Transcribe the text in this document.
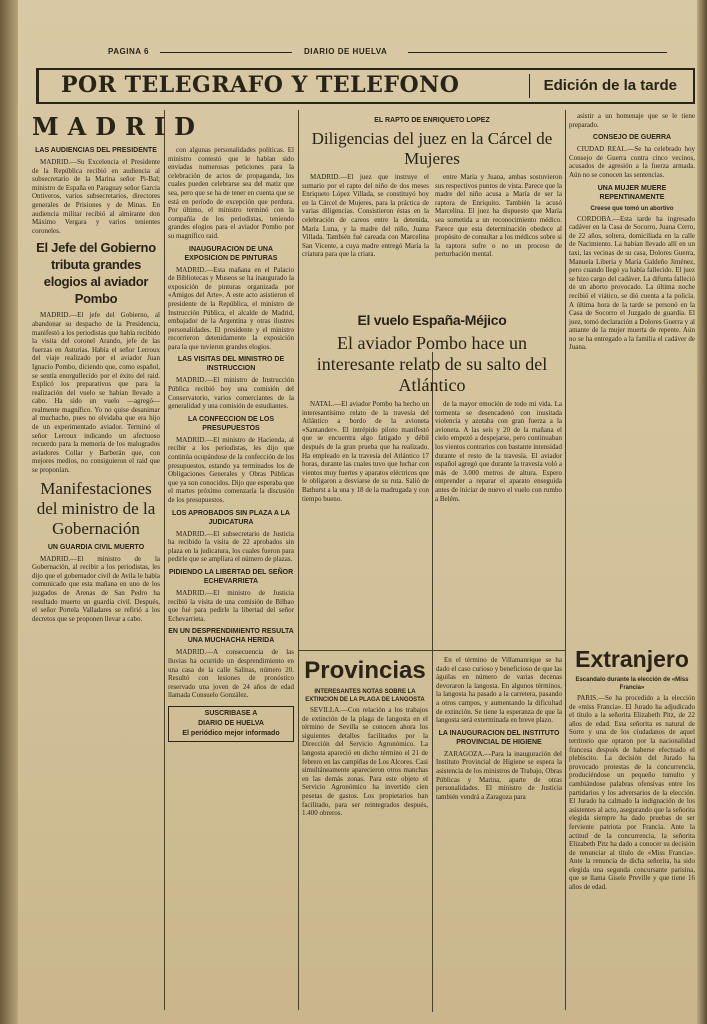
PAGINA 6	DIARIO DE HUELVA
POR TELEGRAFO Y TELEFONO	Edición de la tarde
MADRID
LAS AUDIENCIAS DEL PRESIDENTE

MADRID.—Su Excelencia el Presidente de la República recibió en audiencia al subsecretario de la Marina señor Pi-Bal; ministro de España en Paraguay señor Garcia Ontiveros, varios subsecretarios, directores generales de Prisiones y de Minas. En audiencia militar recibió al almirante don Máximo Vergara y varios tenientes coroneles.

El Jefe del Gobierno tributa grandes elogios al aviador Pombo

MADRID.—El jefe del Gobierno, al abandonar su despacho de la Presidencia, manifestó a los periodistas que había recibido la visita del coronel Arando, jefe de las fuerzas en Asturias. Había el señor Lerroux del viaje realizado por el aviador Juan Ignacio Pombo, diciendo que, como español, se sentía enorgullecido por el éxito del raid. Explicó los preparativos que para la realización del vuelo se habían llevado a cabo. Ha sido un vuelo —agregó— realmente magnífico. Yo no quise desanimar al muchacho, pues no olvidaba que era hijo de un experimentado aviador. Terminó el señor Lerroux indicando un afectuoso recuerdo para la memoria de los malogrados aviadores Collar y Barberán que, con mejores medios, no consiguieron el raid que se proponían.

Manifestaciones del ministro de la Gobernación
UN GUARDIA CIVIL MUERTO

MADRID.—El ministro de la Gobernación, al recibir a los periodistas, les dijo que el gobernador civil de Avila le había comunicado que esta mañana en uno de los juzgados de Arenas de San Pedro ha resultado muerto un guardia civil. Después, el señor Portela Valladares se refirió a los decretos que se proponen llevar a cabo.

con algunas personalidades políticas. El ministro contestó que le habían sido enviadas numerosas peticiones para la celebración de actos de propaganda, los cuales pueden celebrarse sea del matiz que sea, pero que se ha de tener en cuenta que se está en período de excepción que perdura. Por último, el ministro terminó con la compañía de los periodistas, teniendo grandes elogios para el aviador Pombo por su magnífico raid.

INAUGURACION DE UNA EXPOSICION DE PINTURAS

MADRID.—Esta mañana en el Palacio de Bibliotecas y Museos se ha inaugurado la exposición de pinturas organizada por «Amigos del Arte». A este acto asistieron el presidente de la República, el ministro de Instrucción Pública, el alcalde de Madrid, embajador de la Argentina y otras ilustres personalidades. El presidente y el ministro recorrieron detenidamente la exposición para la que tuvieron grandes elogios.

LAS VISITAS DEL MINISTRO DE INSTRUCCION

MADRID.—El ministro de Instrucción Pública recibió hoy una comisión del Conservatorio, varios comerciantes de la generalidad y una comisión de estudiantes.

LA CONFECCION DE LOS PRESUPUESTOS

MADRID.—El ministro de Hacienda, al recibir a los periodistas, les dijo que continúa ocupándose de la confección de los presupuestos, estando ya terminados los de Obligaciones Generales y Obras Públicas que ya son conocidos. Dijo que esperaba que el martes próximo comenzaría la discusión de los presupuestos.

LOS APROBADOS SIN PLAZA A LA JUDICATURA

MADRID.—El subsecretario de Justicia ha recibido la visita de 22 aprobados sin plaza en la judicatura, los cuales fueron para pedirle que se amplíara el número de plazas.

PIDIENDO LA LIBERTAD DEL SEÑOR ECHEVARRIETA

MADRID.—El ministro de Justicia recibió la visita de una comisión de Bilbao que fué para pedirle la libertad del señor Echevarrieta.

EN UN DESPRENDIMIENTO RESULTA UNA MUCHACHA HERIDA

MADRID.—A consecuencia de las lluvias ha ocurrido un desprendimiento en una casa de la calle Salinas, número 20. Resultó con lesiones de pronóstico reservado una joven de 24 años de edad llamada Consuelo González.

SUSCRIBASE A
DIARIO DE HUELVA
El periódico mejor informado
EL RAPTO DE ENRIQUETO LOPEZ
Diligencias del juez en la Cárcel de Mujeres

MADRID.—El juez que instruye el sumario por el rapto del niño de dos meses Enriqueto López Villada, se constituyó hoy en la Cárcel de Mujeres, para la práctica de varias diligencias. Consistieron éstas en la celebración de careos entre la detenida, María Luna, y la madre del niño, Juana Villada. También fué careada con Marcelina San Vicente, a cuya madre entregó María la criatura para que la criara.

entre María y Juana, ambas sostuvieron sus respectivos puntos de vista. Parece que la madre del niño acusa a María de ser la raptora de Enriquito. También la acusó Marcelina. El juez ha dispuesto que María sea sometida a un reconocimiento médico. Parece que esta determinación obedece al propósito de consultar a los médicos sobre si la raptora sufre o no un proceso de perturbación mental.

El vuelo España-Méjico
El aviador Pombo hace un interesante relato de su salto del Atlántico

NATAL.—El aviador Pombo ha hecho un interesantísimo relato de la travesía del Atlántico a bordo de la avioneta «Santander». El intrépido piloto manifestó que se encuentra algo fatigado y débil después de la gran prueba que ha realizado. Ha empleado en la travesía del Atlántico 17 horas, durante las cuales tuvo que luchar con vientos muy fuertes y aparatos eléctricos que le obligaron a desviarse de su ruta. Salió de Bathurst a la una y 18 de la madrugada y con tiempo bueno.

de la mayor emoción de todo mi vida. La tormenta se desencadenó con inusitada violencia y azotaba con gran fuerza a la avioneta. A las seis y 20 de la mañana el cielo empezó a despejarse, pero continuaban los vientos contrarios con bastante intensidad durante el resto de la travesía. El aviador español agregó que durante la travesía voló a más de 3.000 metros de altura. Espero emprender a reparar el aparato enseguida antes de iniciar de nuevo el vuelo con rumbo a Belém.

Provincias
INTERESANTES NOTAS SOBRE LA EXTINCION DE LA PLAGA DE LANGOSTA

SEVILLA.—Con relación a los trabajos de extinción de la plaga de langosta en el término de Sevilla se conocen ahora los siguientes detalles facilitados por la Dirección del Servicio Agronómico. La langosta apareció en dicho término el 21 de febrero en las campiñas de Los Alcores. Casi simultáneamente aparecieron otros manchas en las demás zonas. Para este objeto el Servicio Agronómico ha invertido cien pesetas de gastos. Los propietarios han facilitado, para ser reintegrados después, 1.400 obreros.

En el término de Villamanrique se ha dado el caso curioso y beneficioso de que las águilas en número de varias decenas devoraron la langosta. En algunos términos, la langosta ha pasado a la carretera, pasando a otros campos, y aumentando la dificultad de extinción. Se tiene la esperanza de que la langosta será exterminada en breve plazo.

LA INAUGURACION DEL INSTITUTO PROVINCIAL DE HIGIENE

ZARAGOZA.—Para la inauguración del Instituto Provincial de Higiene se espera la asistencia de los ministros de Trabajo, Obras Públicas y Marina, aparte de otras personalidades. El ministro de Justicia también vendrá a Zaragoza para

asistir a un homenaje que se le tiene preparado.

CONSEJO DE GUERRA

CIUDAD REAL.—Se ha celebrado hoy Consejo de Guerra contra cinco vecinos, acusados de agresión a la fuerza armada. Aún no se conocen las sentencias.

UNA MUJER MUERE REPENTINAMENTE
Creese que tomó un abortivo

CORDOBA.—Esta tarde ha ingresado cadáver en la Casa de Socorro, Juana Cerro, de 22 años, soltera, domiciliada en la calle de Nacimiento. La habían llevado allí en un taxi, las vecinas de su casa, Dolores Guerra, Manuela Liberia y María Galdeño Jiménez, pero cuando llegó ya había fallecido. El juez se hizo cargo del cadáver. La difunta falleció de un aborto provocado. La última noche recibió el viático, se dió cuenta a la policía. A última hora de la tarde se personó en la Casa de Socorro el Juzgado de guardia. El juez, tomó declaración a Dolores Guerra y al amante de la mujer muerta de repente. Aún no se ha entregado a la familia el cadáver de Juana.

Extranjero
Escandalo durante la elección de «Miss Francia»

PARIS.—Se ha procedido a la elección de «miss Francia». El Jurado ha adjudicado el título a la señorita Elizabeth Pitz, de 22 años de edad. Esta señorita es natural de Sorre y una de los ciudadanos de aquel territorio que optaron por la nacionalidad francesa después de haberse efectuado el plebiscito. La decisión del Jurado ha provocado protestas de la concurrencia, produciéndose un pequeño tumulto y cambiándose palabras ofensivas entre los partidarios y los adversarios de la elección. El Jurado ha calmado la indignación de los asistentes al acto, asegurando que la señorita elegida siempre ha dado pruebas de ser ferviente patriota por Francia. Ante la actitud de la concurrencia, la señorita Elizabeth Pitz ha dado a conocer su decisión de renunciar al título de «Miss Francia». Ante la renuncia de dicha señorita, ha sido elegida una segunda concursante parisina, que se llama Gisele Preville y que tiene 16 años de edad.
